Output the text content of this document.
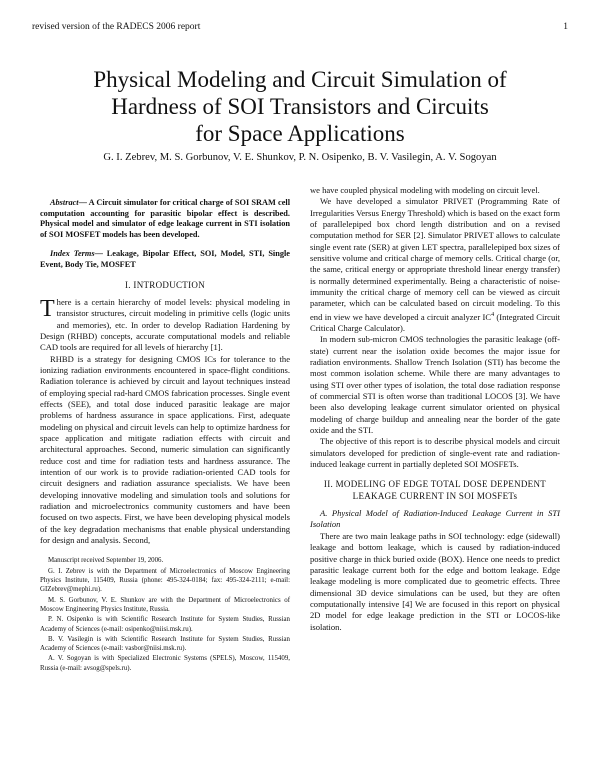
revised version of the RADECS 2006 report	1
Physical Modeling and Circuit Simulation of
Hardness of SOI Transistors and Circuits
for Space Applications
G. I. Zebrev, M. S. Gorbunov, V. E. Shunkov, P. N. Osipenko, B. V. Vasilegin, A. V. Sogoyan

Abstract— A Circuit simulator for critical charge of SOI SRAM cell computation accounting for parasitic bipolar effect is described. Physical model and simulator of edge leakage current in STI isolation of SOI MOSFET models has been developed.

Index Terms— Leakage, Bipolar Effect, SOI, Model, STI, Single Event, Body Tie, MOSFET

I. INTRODUCTION

There is a certain hierarchy of model levels: physical modeling in transistor structures, circuit modeling in primitive cells (logic units and memories), etc. In order to develop Radiation Hardening by Design (RHBD) concepts, accurate computational models and reliable CAD tools are required for all levels of hierarchy [1].

RHBD is a strategy for designing CMOS ICs for tolerance to the ionizing radiation environments encountered in space-flight conditions. Radiation tolerance is achieved by circuit and layout techniques instead of employing special rad-hard CMOS fabrication processes. Single event effects (SEE), and total dose induced parasitic leakage are major problems of hardness assurance in space applications. First, adequate modeling on physical and circuit levels can help to optimize hardness for space application and mitigate radiation effects with circuit and architectural approaches. Second, numeric simulation can significantly reduce cost and time for radiation tests and hardness assurance. The intention of our work is to provide radiation-oriented CAD tools for circuit designers and radiation assurance specialists. We have been developing innovative modeling and simulation tools and solutions for radiation and microelectronics community customers and have been focused on two aspects. First, we have been developing physical models of the key degradation mechanisms that enable physical understanding for design and analysis. Second,

Manuscript received September 19, 2006.

G. I. Zebrev is with the Department of Microelectronics of Moscow Engineering Physics Institute, 115409, Russia (phone: 495-324-0184; fax: 495-324-2111; e-mail: GIZebrev@mephi.ru).

M. S. Gorbunov, V. E. Shunkov are with the Department of Microelectronics of Moscow Engineering Physics Institute, Russia.

P. N. Osipenko is with Scientific Research Institute for System Studies, Russian Academy of Sciences (e-mail: osipenko@niisi.msk.ru).

B. V. Vasilegin is with Scientific Research Institute for System Studies, Russian Academy of Sciences (e-mail: vasbor@niisi.msk.ru).

A. V. Sogoyan is with Specialized Electronic Systems (SPELS), Moscow, 115409, Russia (e-mail: avsog@spels.ru).

we have coupled physical modeling with modeling on circuit level.

We have developed a simulator PRIVET (Programming Rate of Irregularities Versus Energy Threshold) which is based on the exact form of parallelepiped box chord length distribution and on a revised computation method for SER [2]. Simulator PRIVET allows to calculate single event rate (SER) at given LET spectra, parallelepiped box sizes of sensitive volume and critical charge of memory cells. Critical charge (or, the same, critical energy or appropriate threshold linear energy transfer) is normally determined experimentally. Being a characteristic of noise-immunity the critical charge of memory cell can be viewed as circuit parameter, which can be calculated based on circuit modeling. To this end in view we have developed a circuit analyzer $IC^4$ (Integrated Circuit Critical Charge Calculator).

In modern sub-micron CMOS technologies the parasitic leakage (off-state) current near the isolation oxide becomes the major issue for radiation environments. Shallow Trench Isolation (STI) has become the most common isolation scheme. While there are many advantages to using STI over other types of isolation, the total dose radiation response of commercial STI is often worse than traditional LOCOS [3]. We have been also developing leakage current simulator oriented on physical modeling of charge buildup and annealing near the border of the gate oxide and the STI.

The objective of this report is to describe physical models and circuit simulators developed for prediction of single-event rate and radiation-induced leakage current in partially depleted SOI MOSFETs.

II. MODELING OF EDGE TOTAL DOSE DEPENDENT LEAKAGE CURRENT IN SOI MOSFETs

A. Physical Model of Radiation-Induced Leakage Current in STI Isolation

There are two main leakage paths in SOI technology: edge (sidewall) leakage and bottom leakage, which is caused by radiation-induced positive charge in thick buried oxide (BOX). Hence one needs to predict parasitic leakage current both for the edge and bottom leakage. Edge leakage modeling is more complicated due to geometric effects. Three dimensional 3D device simulations can be used, but they are often computationally intensive [4] We are focused in this report on physical 2D model for edge leakage prediction in the STI or LOCOS-like isolation.
